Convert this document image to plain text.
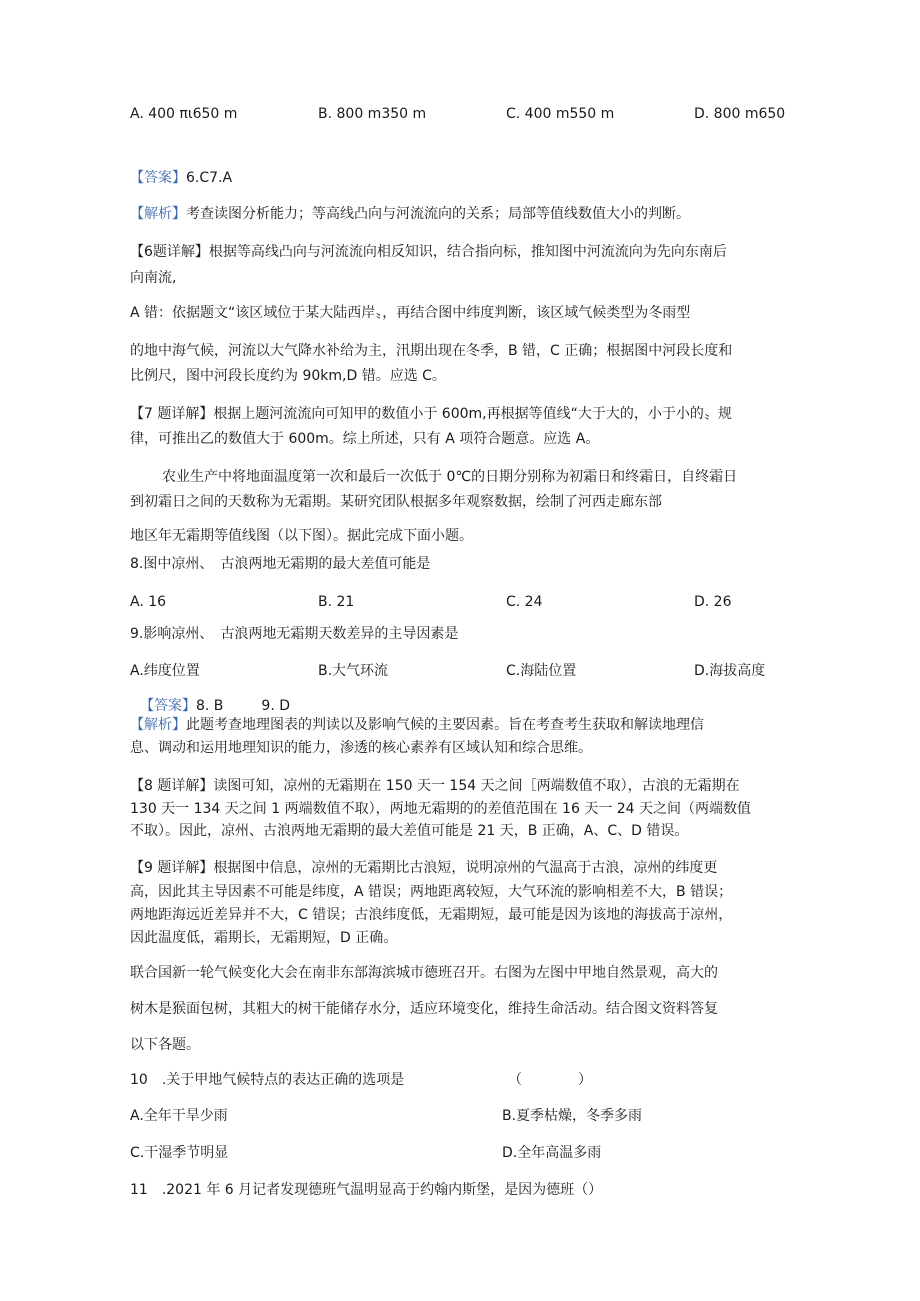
A. 400 πι650 m	B. 800 m350 m	C. 400 m550 m	D. 800 m650
【答案】6.C7.A
【解析】考查读图分析能力；等高线凸向与河流流向的关系；局部等值线数值大小的判断。
【6题详解】根据等高线凸向与河流流向相反知识，结合指向标，推知图中河流流向为先向东南后
向南流,
A 错：依据题文“该区域位于某大陆西岸〟，再结合图中纬度判断，该区域气候类型为冬雨型
的地中海气候，河流以大气降水补给为主，汛期出现在冬季，B 错，C 正确；根据图中河段长度和
比例尺，图中河段长度约为 90km,D 错。应选 C。
【7 题详解】根据上题河流流向可知甲的数值小于 600m,再根据等值线“大于大的，小于小的〟规
律，可推出乙的数值大于 600m。综上所述，只有 A 项符合题意。应选 A。
农业生产中将地面温度第一次和最后一次低于 0℃的日期分别称为初霜日和终霜日，自终霜日
到初霜日之间的天数称为无霜期。某研究团队根据多年观察数据，绘制了河西走廊东部
地区年无霜期等值线图（以下图）。据此完成下面小题。
8.图中凉州、　古浪两地无霜期的最大差值可能是
A. 16	B. 21	C. 24	D. 26
9.影响凉州、　古浪两地无霜期天数差异的主导因素是
A.纬度位置	B.大气环流	C.海陆位置	D.海拔高度
【答案】8. B	9. D
【解析】此题考查地理图表的判读以及影响气候的主要因素。旨在考查考生获取和解读地理信
息、调动和运用地理知识的能力，渗透的核心素养有区域认知和综合思维。
【8 题详解】读图可知，凉州的无霜期在 150 天一 154 天之间［两端数值不取），古浪的无霜期在
130 天一 134 天之间 1 两端数值不取），两地无霜期的的差值范围在 16 天一 24 天之间（两端数值
不取）。因此，凉州、古浪两地无霜期的最大差值可能是 21 天，B 正确，A、C、D 错误。
【9 题详解】根据图中信息，凉州的无霜期比古浪短，说明凉州的气温高于古浪，凉州的纬度更
高，因此其主导因素不可能是纬度，A 错误；两地距离较短，大气环流的影响相差不大，B 错误；
两地距海远近差异并不大，C 错误；古浪纬度低，无霜期短，最可能是因为该地的海拔高于凉州，
因此温度低，霜期长，无霜期短，D 正确。
联合国新一轮气候变化大会在南非东部海滨城市德班召开。右图为左图中甲地自然景观，高大的
树木是猴面包树，其粗大的树干能储存水分，适应环境变化，维持生命活动。结合图文资料答复
以下各题。
10　.关于甲地气候特点的表达正确的选项是	（　　　　）
A.全年干旱少雨	B.夏季枯燥，冬季多雨
C.干湿季节明显	D.全年高温多雨
11　.2021 年 6 月记者发现德班气温明显高于约翰内斯堡，是因为德班（）
